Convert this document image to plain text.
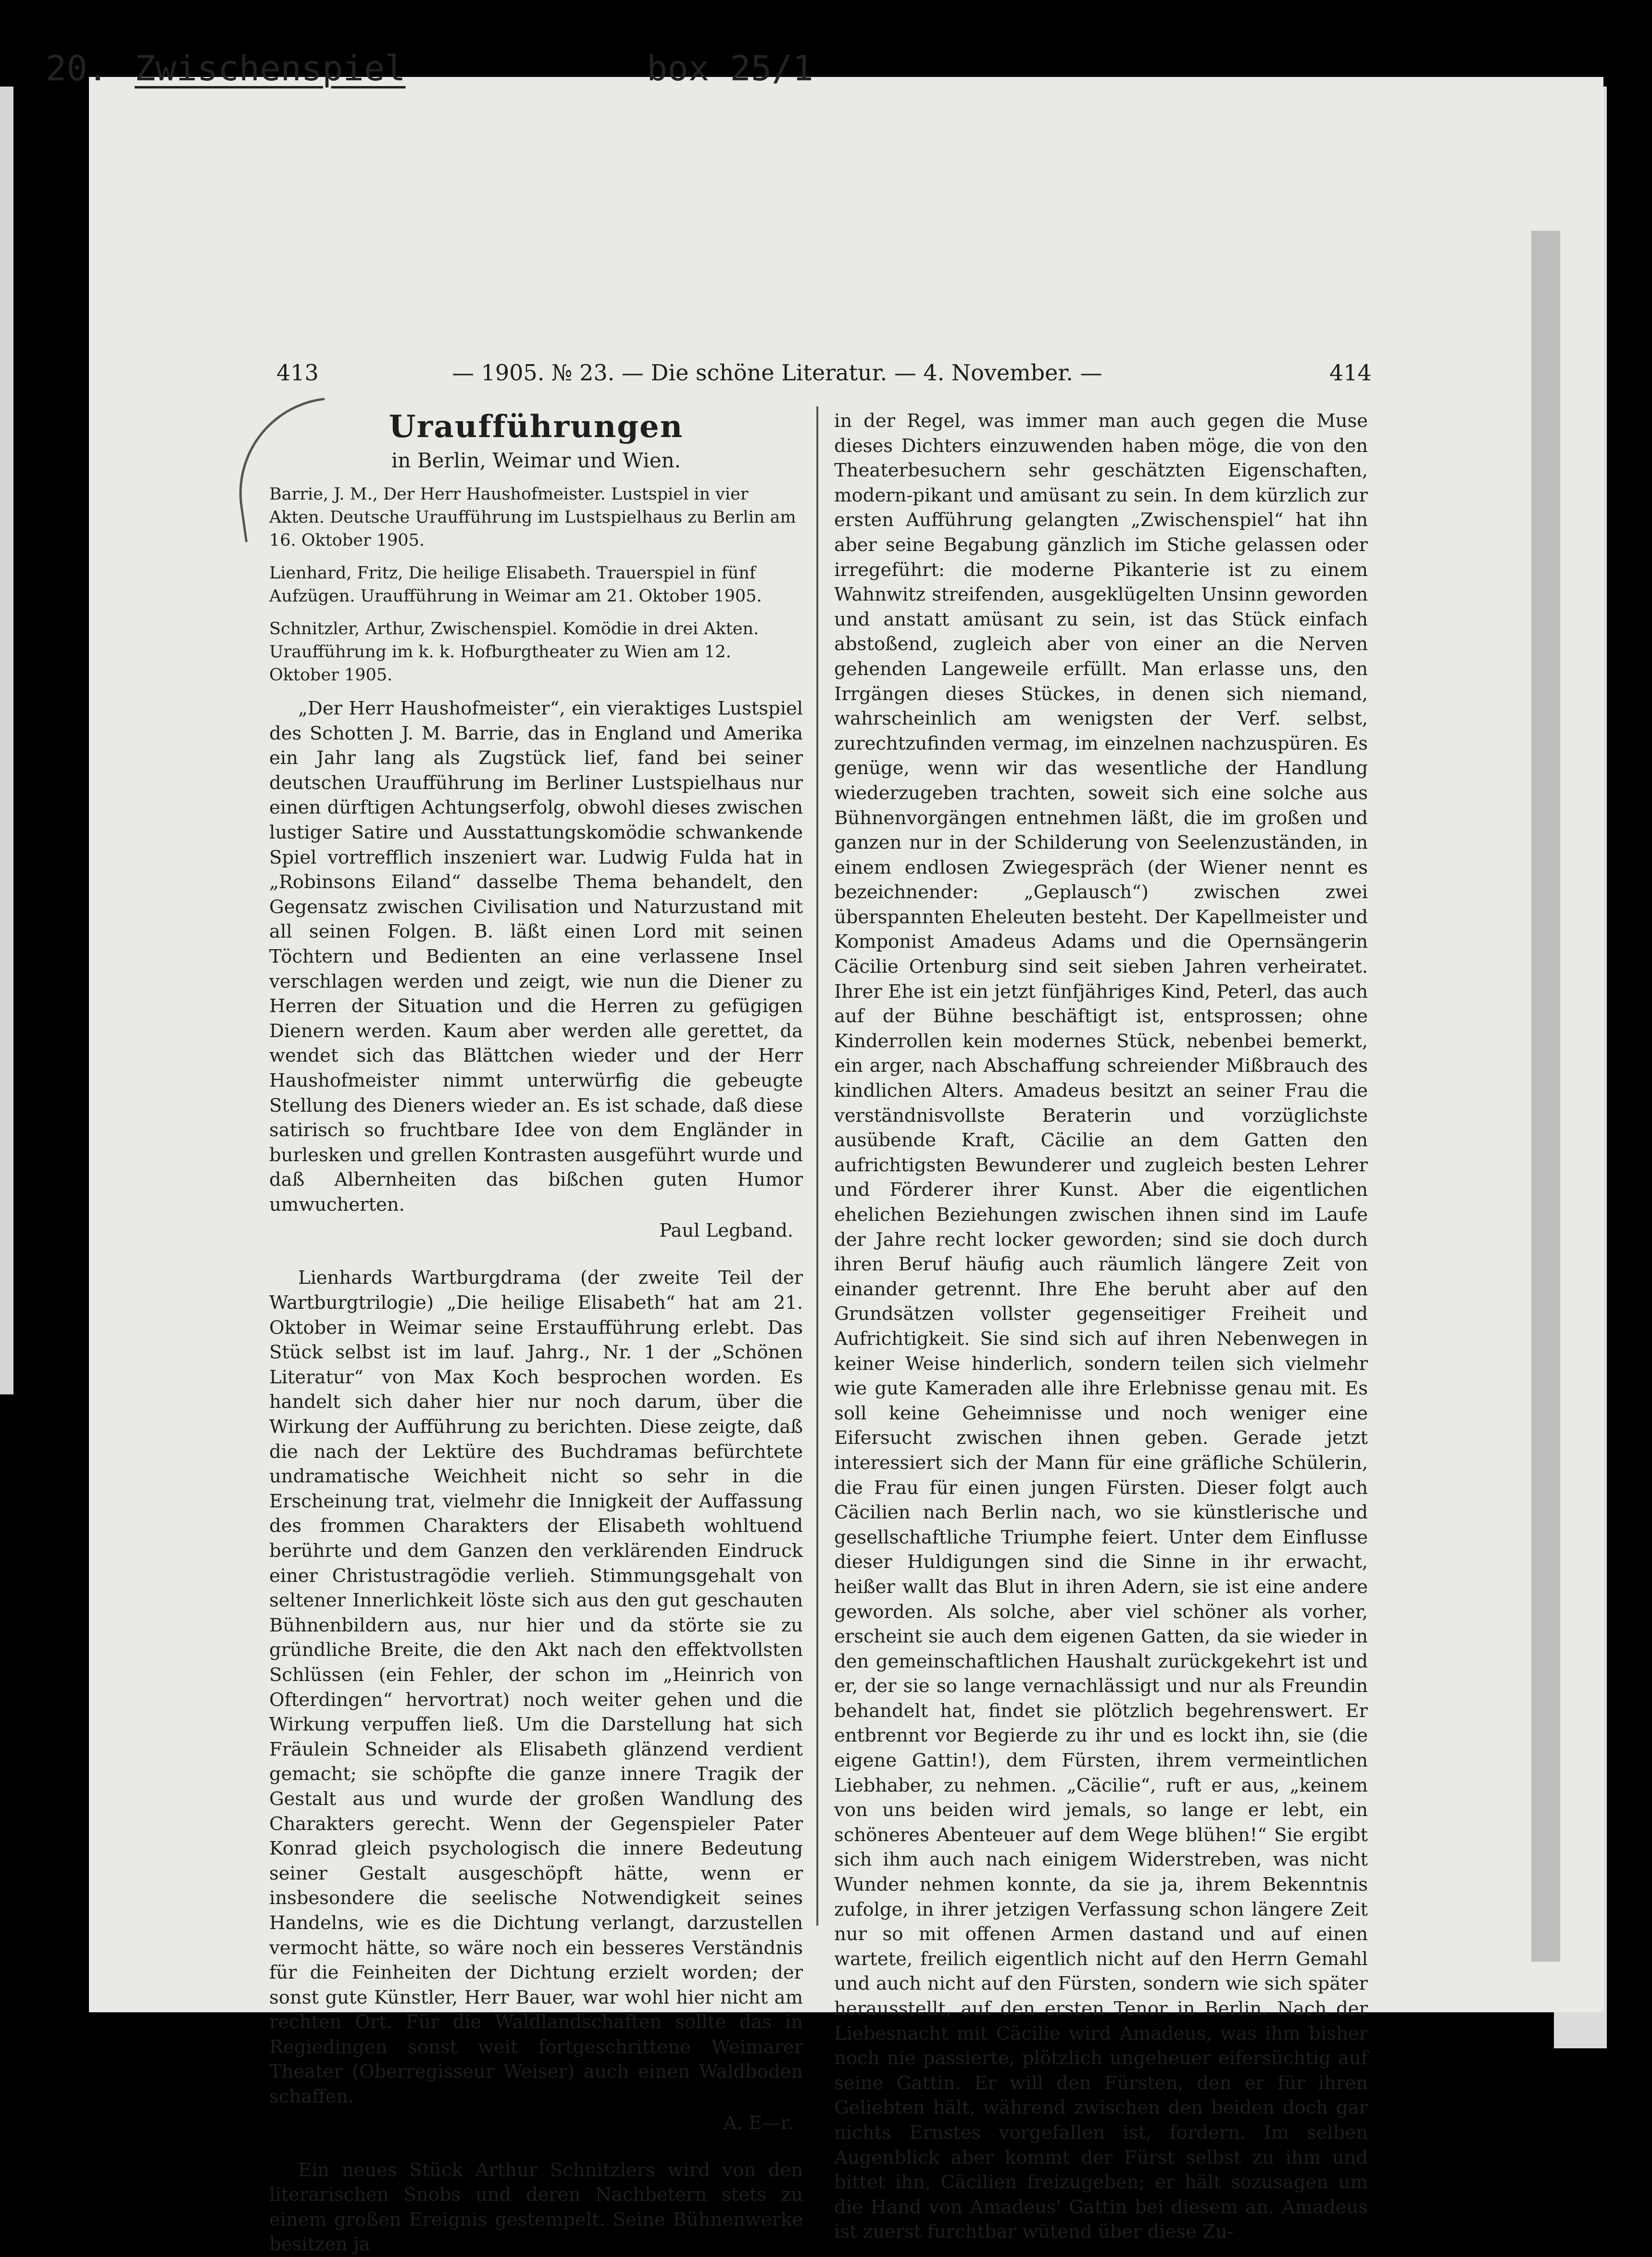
20. Zwischenspiel	box 25/1
413	— 1905. № 23. — Die schöne Literatur. — 4. November. —	414
Uraufführungen
in Berlin, Weimar und Wien.
Barrie, J. M., Der Herr Haushofmeister. Lustspiel in vier Akten. Deutsche Uraufführung im Lustspielhaus zu Berlin am 16. Oktober 1905.
Lienhard, Fritz, Die heilige Elisabeth. Trauerspiel in fünf Aufzügen. Uraufführung in Weimar am 21. Oktober 1905.
Schnitzler, Arthur, Zwischenspiel. Komödie in drei Akten. Uraufführung im k. k. Hofburgtheater zu Wien am 12. Oktober 1905.

„Der Herr Haushofmeister“, ein vieraktiges Lustspiel des Schotten J. M. Barrie, das in England und Amerika ein Jahr lang als Zugstück lief, fand bei seiner deutschen Uraufführung im Berliner Lustspielhaus nur einen dürftigen Achtungserfolg, obwohl dieses zwischen lustiger Satire und Ausstattungskomödie schwankende Spiel vortrefflich inszeniert war. Ludwig Fulda hat in „Robinsons Eiland“ dasselbe Thema behandelt, den Gegensatz zwischen Civilisation und Naturzustand mit all seinen Folgen. B. läßt einen Lord mit seinen Töchtern und Bedienten an eine verlassene Insel verschlagen werden und zeigt, wie nun die Diener zu Herren der Situation und die Herren zu gefügigen Dienern werden. Kaum aber werden alle gerettet, da wendet sich das Blättchen wieder und der Herr Haushofmeister nimmt unterwürfig die gebeugte Stellung des Dieners wieder an. Es ist schade, daß diese satirisch so fruchtbare Idee von dem Engländer in burlesken und grellen Kontrasten ausgeführt wurde und daß Albernheiten das bißchen guten Humor umwucherten.

Paul Legband.

Lienhards Wartburgdrama (der zweite Teil der Wartburgtrilogie) „Die heilige Elisabeth“ hat am 21. Oktober in Weimar seine Erstaufführung erlebt. Das Stück selbst ist im lauf. Jahrg., Nr. 1 der „Schönen Literatur“ von Max Koch besprochen worden. Es handelt sich daher hier nur noch darum, über die Wirkung der Aufführung zu berichten. Diese zeigte, daß die nach der Lektüre des Buchdramas befürchtete undramatische Weichheit nicht so sehr in die Erscheinung trat, vielmehr die Innigkeit der Auffassung des frommen Charakters der Elisabeth wohltuend berührte und dem Ganzen den verklärenden Eindruck einer Christustragödie verlieh. Stimmungsgehalt von seltener Innerlichkeit löste sich aus den gut geschauten Bühnenbildern aus, nur hier und da störte sie zu gründliche Breite, die den Akt nach den effektvollsten Schlüssen (ein Fehler, der schon im „Heinrich von Ofterdingen“ hervortrat) noch weiter gehen und die Wirkung verpuffen ließ. Um die Darstellung hat sich Fräulein Schneider als Elisabeth glänzend verdient gemacht; sie schöpfte die ganze innere Tragik der Gestalt aus und wurde der großen Wandlung des Charakters gerecht. Wenn der Gegenspieler Pater Konrad gleich psychologisch die innere Bedeutung seiner Gestalt ausgeschöpft hätte, wenn er insbesondere die seelische Notwendigkeit seines Handelns, wie es die Dichtung verlangt, darzustellen vermocht hätte, so wäre noch ein besseres Verständnis für die Feinheiten der Dichtung erzielt worden; der sonst gute Künstler, Herr Bauer, war wohl hier nicht am rechten Ort. Für die Waldlandschaften sollte das in Regiedingen sonst weit fortgeschrittene Weimarer Theater (Oberregisseur Weiser) auch einen Waldboden schaffen.

A. E—r.

Ein neues Stück Arthur Schnitzlers wird von den literarischen Snobs und deren Nachbetern stets zu einem großen Ereignis gestempelt. Seine Bühnenwerke besitzen ja

in der Regel, was immer man auch gegen die Muse dieses Dichters einzuwenden haben möge, die von den Theaterbesuchern sehr geschätzten Eigenschaften, modern-pikant und amüsant zu sein. In dem kürzlich zur ersten Aufführung gelangten „Zwischenspiel“ hat ihn aber seine Begabung gänzlich im Stiche gelassen oder irregeführt: die moderne Pikanterie ist zu einem Wahnwitz streifenden, ausgeklügelten Unsinn geworden und anstatt amüsant zu sein, ist das Stück einfach abstoßend, zugleich aber von einer an die Nerven gehenden Langeweile erfüllt. Man erlasse uns, den Irrgängen dieses Stückes, in denen sich niemand, wahrscheinlich am wenigsten der Verf. selbst, zurechtzufinden vermag, im einzelnen nachzuspüren. Es genüge, wenn wir das wesentliche der Handlung wiederzugeben trachten, soweit sich eine solche aus Bühnenvorgängen entnehmen läßt, die im großen und ganzen nur in der Schilderung von Seelenzuständen, in einem endlosen Zwiegespräch (der Wiener nennt es bezeichnender: „Geplausch“) zwischen zwei überspannten Eheleuten besteht. Der Kapellmeister und Komponist Amadeus Adams und die Opernsängerin Cäcilie Ortenburg sind seit sieben Jahren verheiratet. Ihrer Ehe ist ein jetzt fünfjähriges Kind, Peterl, das auch auf der Bühne beschäftigt ist, entsprossen; ohne Kinderrollen kein modernes Stück, nebenbei bemerkt, ein arger, nach Abschaffung schreiender Mißbrauch des kindlichen Alters. Amadeus besitzt an seiner Frau die verständnisvollste Beraterin und vorzüglichste ausübende Kraft, Cäcilie an dem Gatten den aufrichtigsten Bewunderer und zugleich besten Lehrer und Förderer ihrer Kunst. Aber die eigentlichen ehelichen Beziehungen zwischen ihnen sind im Laufe der Jahre recht locker geworden; sind sie doch durch ihren Beruf häufig auch räumlich längere Zeit von einander getrennt. Ihre Ehe beruht aber auf den Grundsätzen vollster gegenseitiger Freiheit und Aufrichtigkeit. Sie sind sich auf ihren Nebenwegen in keiner Weise hinderlich, sondern teilen sich vielmehr wie gute Kameraden alle ihre Erlebnisse genau mit. Es soll keine Geheimnisse und noch weniger eine Eifersucht zwischen ihnen geben. Gerade jetzt interessiert sich der Mann für eine gräfliche Schülerin, die Frau für einen jungen Fürsten. Dieser folgt auch Cäcilien nach Berlin nach, wo sie künstlerische und gesellschaftliche Triumphe feiert. Unter dem Einflusse dieser Huldigungen sind die Sinne in ihr erwacht, heißer wallt das Blut in ihren Adern, sie ist eine andere geworden. Als solche, aber viel schöner als vorher, erscheint sie auch dem eigenen Gatten, da sie wieder in den gemeinschaftlichen Haushalt zurückgekehrt ist und er, der sie so lange vernachlässigt und nur als Freundin behandelt hat, findet sie plötzlich begehrenswert. Er entbrennt vor Begierde zu ihr und es lockt ihn, sie (die eigene Gattin!), dem Fürsten, ihrem vermeintlichen Liebhaber, zu nehmen. „Cäcilie“, ruft er aus, „keinem von uns beiden wird jemals, so lange er lebt, ein schöneres Abenteuer auf dem Wege blühen!“ Sie ergibt sich ihm auch nach einigem Widerstreben, was nicht Wunder nehmen konnte, da sie ja, ihrem Bekenntnis zufolge, in ihrer jetzigen Verfassung schon längere Zeit nur so mit offenen Armen dastand und auf einen wartete, freilich eigentlich nicht auf den Herrn Gemahl und auch nicht auf den Fürsten, sondern wie sich später herausstellt, auf den ersten Tenor in Berlin. Nach der Liebesnacht mit Cäcilie wird Amadeus, was ihm bisher noch nie passierte, plötzlich ungeheuer eifersüchtig auf seine Gattin. Er will den Fürsten, den er für ihren Geliebten hält, während zwischen den beiden doch gar nichts Ernstes vorgefallen ist, fordern. Im selben Augenblick aber kommt der Fürst selbst zu ihm und bittet ihn, Cäcilien freizugeben; er hält sozusagen um die Hand von Amadeus' Gattin bei diesem an. Amadeus ist zuerst furchtbar wütend über diese Zu-
